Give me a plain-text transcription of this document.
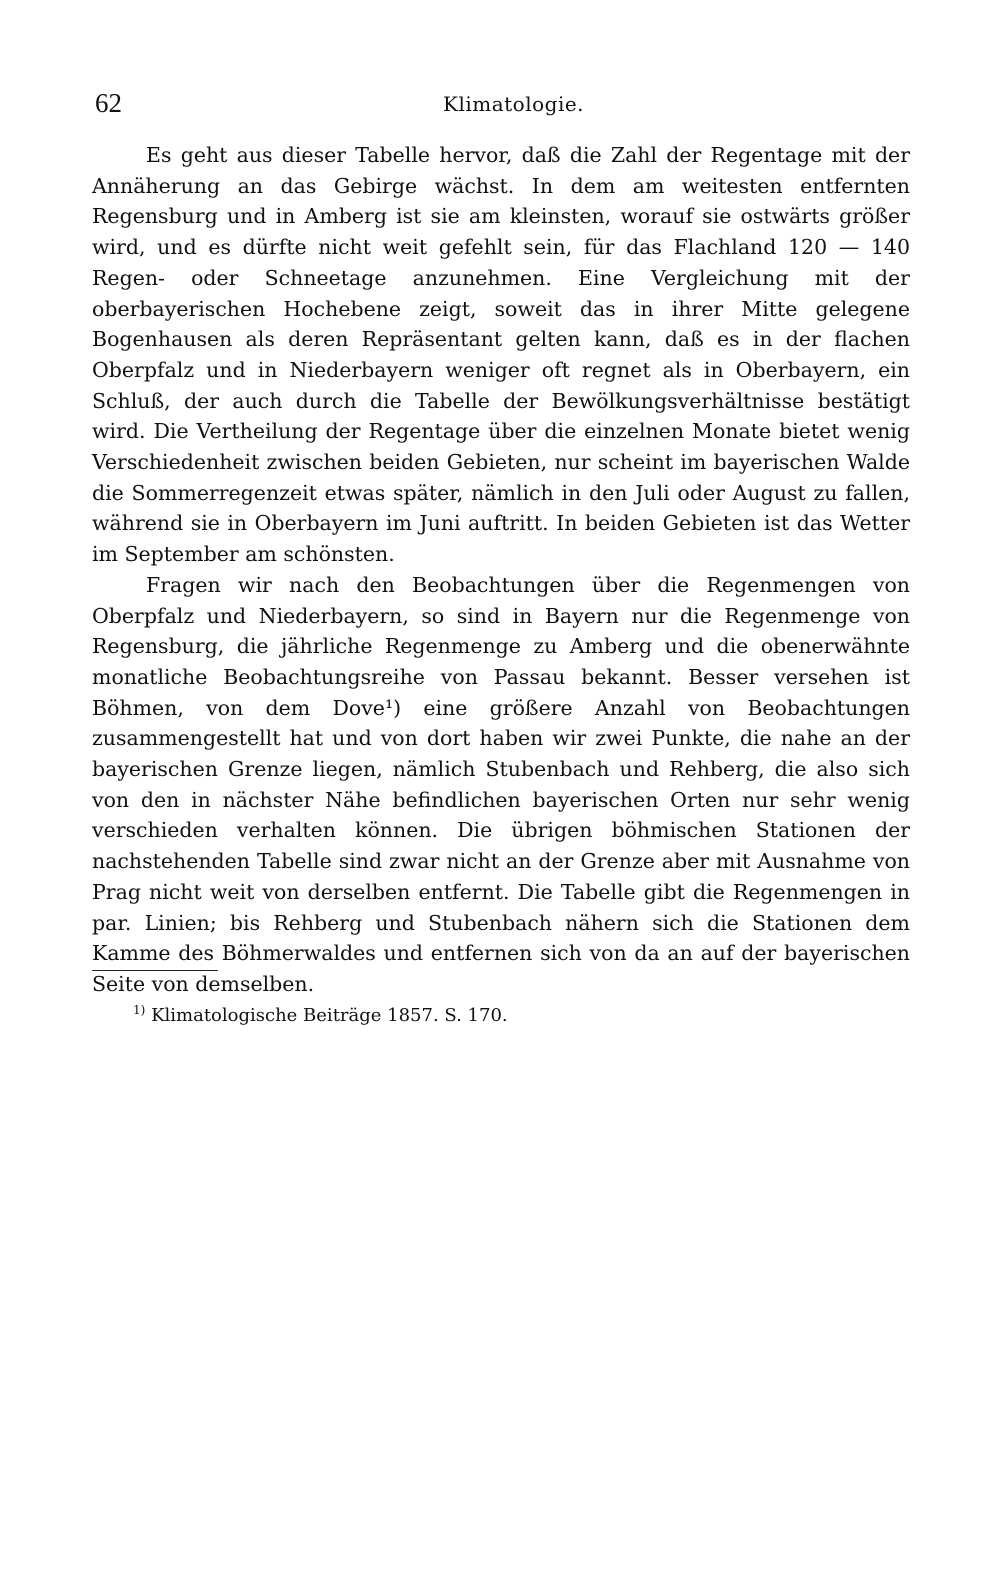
62	Klimatologie.

Es geht aus dieser Tabelle hervor, daß die Zahl der Regentage mit der Annäherung an das Gebirge wächst. In dem am weitesten entfernten Regensburg und in Amberg ist sie am kleinsten, worauf sie ostwärts größer wird, und es dürfte nicht weit gefehlt sein, für das Flachland 120 — 140 Regen- oder Schneetage anzunehmen. Eine Vergleichung mit der oberbayerischen Hochebene zeigt, soweit das in ihrer Mitte gelegene Bogenhausen als deren Repräsentant gelten kann, daß es in der flachen Oberpfalz und in Niederbayern weniger oft regnet als in Oberbayern, ein Schluß, der auch durch die Tabelle der Bewölkungsverhältnisse bestätigt wird. Die Vertheilung der Regentage über die einzelnen Monate bietet wenig Verschiedenheit zwischen beiden Gebieten, nur scheint im bayerischen Walde die Sommerregenzeit etwas später, nämlich in den Juli oder August zu fallen, während sie in Oberbayern im Juni auftritt. In beiden Gebieten ist das Wetter im September am schönsten.

Fragen wir nach den Beobachtungen über die Regenmengen von Oberpfalz und Niederbayern, so sind in Bayern nur die Regenmenge von Regensburg, die jährliche Regenmenge zu Amberg und die obenerwähnte monatliche Beobachtungsreihe von Passau bekannt. Besser versehen ist Böhmen, von dem Dove¹) eine größere Anzahl von Beobachtungen zusammengestellt hat und von dort haben wir zwei Punkte, die nahe an der bayerischen Grenze liegen, nämlich Stubenbach und Rehberg, die also sich von den in nächster Nähe befindlichen bayerischen Orten nur sehr wenig verschieden verhalten können. Die übrigen böhmischen Stationen der nachstehenden Tabelle sind zwar nicht an der Grenze aber mit Ausnahme von Prag nicht weit von derselben entfernt. Die Tabelle gibt die Regenmengen in par. Linien; bis Rehberg und Stubenbach nähern sich die Stationen dem Kamme des Böhmerwaldes und entfernen sich von da an auf der bayerischen Seite von demselben.

$^{1)}$ Klimatologische Beiträge 1857. S. 170.
